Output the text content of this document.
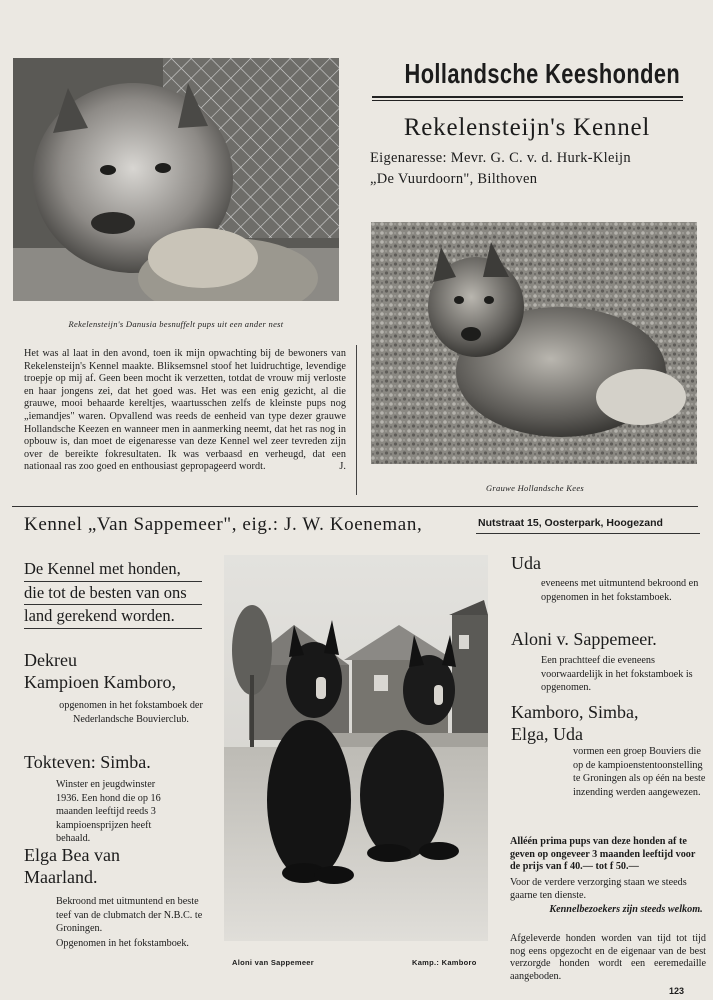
Hollandsche Keeshonden
Rekelensteijn's Kennel
Eigenaresse: Mevr. G. C. v. d. Hurk-Kleijn
„De Vuurdoorn", Bilthoven
Rekelensteijn's Danusia besnuffelt pups uit een ander nest
Grauwe Hollandsche Kees
Het was al laat in den avond, toen ik mijn opwachting bij de bewoners van Rekelensteijn's Kennel maakte. Bliksemsnel stoof het luidruchtige, levendige troepje op mij af. Geen been mocht ik verzetten, totdat de vrouw mij verloste en haar jongens zei, dat het goed was. Het was een enig gezicht, al die grauwe, mooi behaarde kereltjes, waartusschen zelfs de kleinste pups nog „iemandjes" waren. Opvallend was reeds de eenheid van type dezer grauwe Hollandsche Keezen en wanneer men in aanmerking neemt, dat het ras nog in opbouw is, dan moet de eigenaresse van deze Kennel wel zeer tevreden zijn over de bereikte fokresultaten. Ik was verbaasd en verheugd, dat een nationaal ras zoo goed en enthousiast gepropageerd wordt.	J.
Kennel „Van Sappemeer", eig.: J. W. Koeneman,	Nutstraat 15, Oosterpark, Hoogezand
De Kennel met honden,
die tot de besten van ons
land gerekend worden.
Dekreu
Kampioen Kamboro,
opgenomen in het fokstamboek der Nederlandsche Bouvierclub.
Tokteven: Simba.
Winster en jeugdwinster 1936. Een hond die op 16 maanden leeftijd reeds 3 kampioensprijzen heeft behaald.
Elga Bea van
Maarland.
Bekroond met uitmuntend en beste teef van de clubmatch der N.B.C. te Groningen.
Opgenomen in het fokstamboek.
Aloni van Sappemeer	Kamp.: Kamboro
Uda
eveneens met uitmuntend bekroond en opgenomen in het fokstamboek.
Aloni v. Sappemeer.
Een prachtteef die eveneens voorwaardelijk in het fokstamboek is opgenomen.
Kamboro, Simba,
Elga, Uda
vormen een groep Bouviers die op de kampioenstentoonstelling te Groningen als op één na beste inzending werden aangewezen.
Alléén prima pups van deze honden af te geven op ongeveer 3 maanden leeftijd voor de prijs van f 40.— tot f 50.—
Voor de verdere verzorging staan we steeds gaarne ten dienste.
Kennelbezoekers zijn steeds welkom.
Afgeleverde honden worden van tijd tot tijd nog eens opgezocht en de eigenaar van de best verzorgde honden wordt een eeremedaille aangeboden.
123
